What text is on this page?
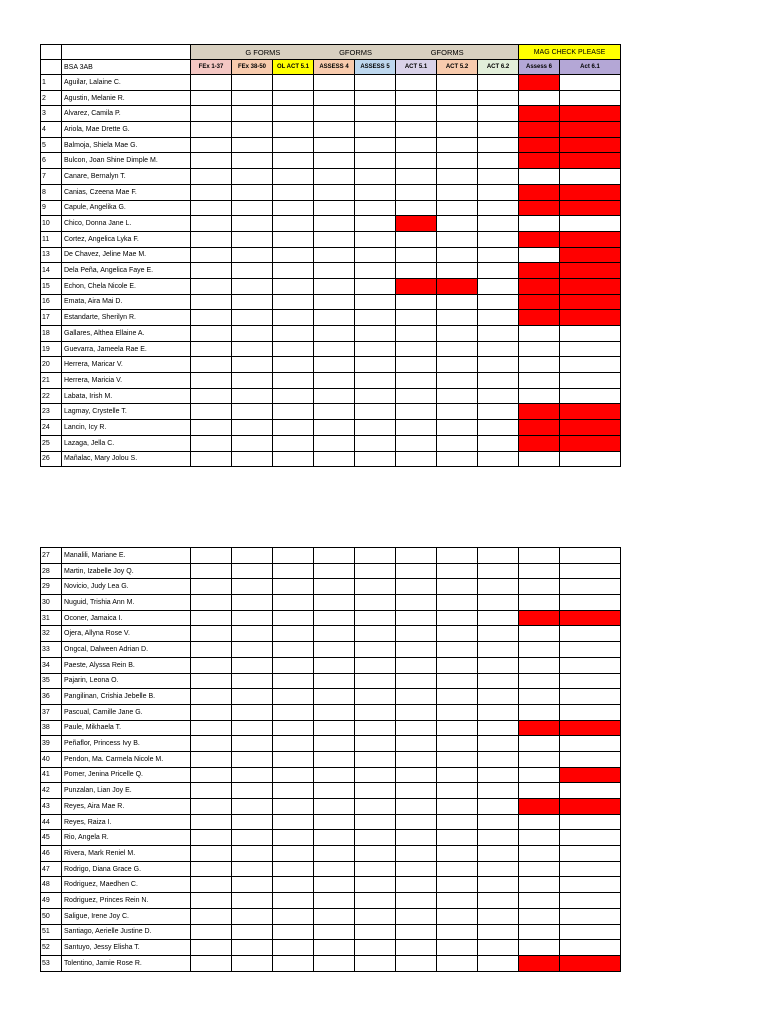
		G FORMS GFORMS GFORMS								MAG CHECK PLEASE	
	BSA 3AB	FEx 1-37	FEx 38-50	OL ACT 5.1	ASSESS 4	ASSESS 5	ACT 5.1	ACT 5.2	ACT 6.2	Assess 6	Act 6.1
1	Aguilar, Lalaine C.										
2	Agustin, Melanie R.										
3	Alvarez, Camila P.										
4	Ariola, Mae Drette G.										
5	Balmoja, Shiela Mae G.										
6	Bulcon, Joan Shine Dimple M.										
7	Canare, Bernalyn T.										
8	Canias, Czeena Mae F.										
9	Capule, Angelika G.										
10	Chico, Donna Jane L.										
11	Cortez, Angelica Lyka F.										
13	De Chavez, Jeline Mae M.										
14	Dela Peña, Angelica Faye E.										
15	Echon, Chela Nicole E.										
16	Emata, Aira Mai D.										
17	Estandarte, Sherilyn R.										
18	Gallares, Althea Ellaine A.										
19	Guevarra, Jameela Rae E.										
20	Herrera, Maricar V.										
21	Herrera, Maricia V.										
22	Labata, Irish M.										
23	Lagmay, Crystelle T.										
24	Lancin, Icy R.										
25	Lazaga, Jella C.										
26	Mañalac, Mary Jolou S.										
27	Manalili, Mariane E.										
28	Martin, Izabelle Joy Q.										
29	Novicio, Judy Lea G.										
30	Nuguid, Trishia Ann M.										
31	Oconer, Jamaica I.										
32	Ojera, Allyna Rose V.										
33	Ongcal, Dalween Adrian D.										
34	Paeste, Alyssa Rein B.										
35	Pajarin, Leona O.										
36	Pangilinan, Crishia Jebelle B.										
37	Pascual, Camille Jane G.										
38	Paule, Mikhaela T.										
39	Peñaflor, Princess Ivy B.										
40	Pendon, Ma. Carmela Nicole M.										
41	Pomer, Jenina Pricelle Q.										
42	Punzalan, Lian Joy E.										
43	Reyes, Aira Mae R.										
44	Reyes, Raiza I.										
45	Rio, Angela R.										
46	Rivera, Mark Reniel M.										
47	Rodrigo, Diana Grace G.										
48	Rodriguez, Maedhen C.										
49	Rodriguez, Princes Rein N.										
50	Saligue, Irene Joy C.										
51	Santiago, Aerielle Justine D.										
52	Santuyo, Jessy Elisha T.										
53	Tolentino, Jamie Rose R.										
